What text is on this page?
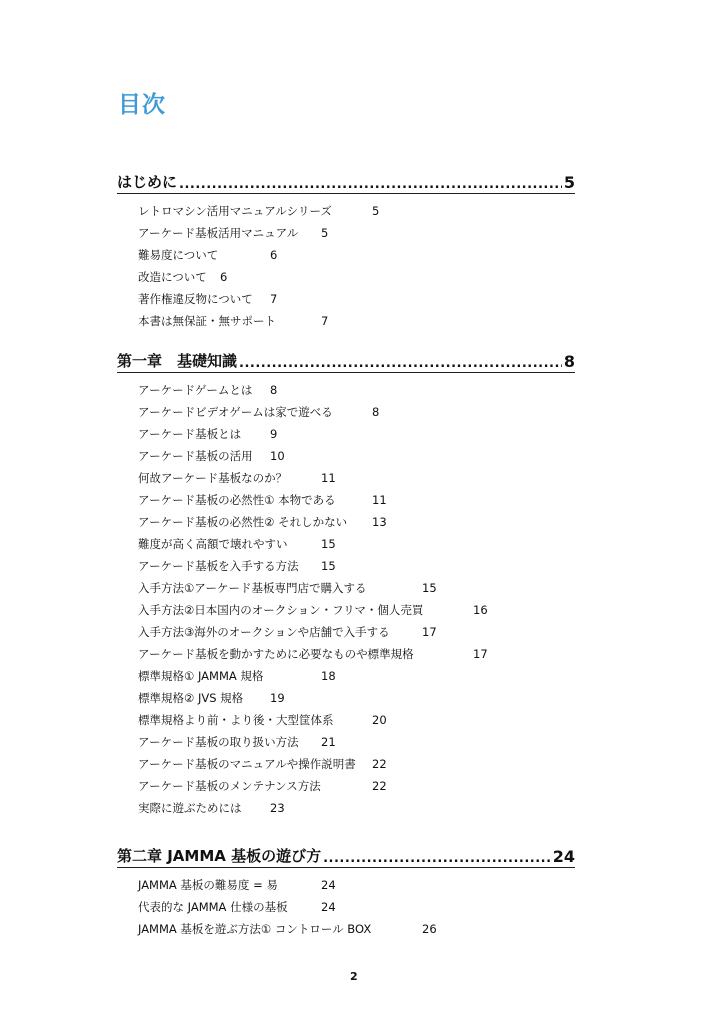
目次
はじめに .....	5
レトロマシン活用マニュアルシリーズ	5
アーケード基板活用マニュアル 5
難易度について	6
改造について 6
著作権違反物について 7
本書は無保証・無サポート	7
第一章　基礎知識 .....	8
アーケードゲームとは 8
アーケードビデオゲームは家で遊べる	8
アーケード基板とは	9
アーケード基板の活用 10
何故アーケード基板なのか？	11
アーケード基板の必然性① 本物である	11
アーケード基板の必然性② それしかない 13
難度が高く高額で壊れやすい	15
アーケード基板を入手する方法 15
入手方法①アーケード基板専門店で購入する	15
入手方法②日本国内のオークション・フリマ・個人売買	16
入手方法③海外のオークションや店舗で入手する	17
アーケード基板を動かすために必要なものや標準規格	17
標準規格① JAMMA 規格	18
標準規格② JVS 規格 19
標準規格より前・より後・大型筐体系	20
アーケード基板の取り扱い方法 21
アーケード基板のマニュアルや操作説明書 22
アーケード基板のメンテナンス方法	22
実際に遊ぶためには 23
第二章 JAMMA 基板の遊び方 .....	24
JAMMA 基板の難易度 = 易	24
代表的な JAMMA 仕様の基板	24
JAMMA 基板を遊ぶ方法① コントロール BOX	26
2
